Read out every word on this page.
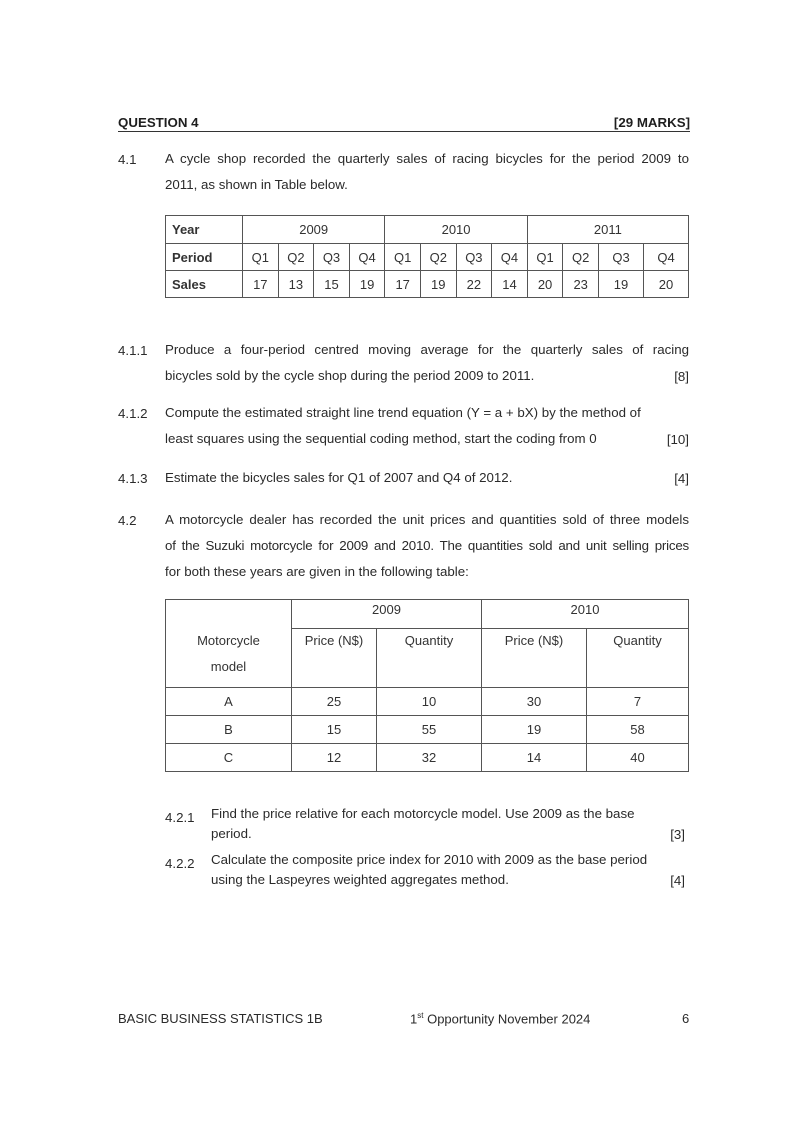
QUESTION 4	[29 MARKS]
4.1 A cycle shop recorded the quarterly sales of racing bicycles for the period 2009 to
2011, as shown in Table below.
Year	2009				2010				2011			
Period	Q1	Q2	Q3	Q4	Q1	Q2	Q3	Q4	Q1	Q2	Q3	Q4
Sales	17	13	15	19	17	19	22	14	20	23	19	20
4.1.1 Produce a four-period centred moving average for the quarterly sales of racing
bicycles sold by the cycle shop during the period 2009 to 2011.	[8]
4.1.2 Compute the estimated straight line trend equation (Y = a + bX) by the method of
least squares using the sequential coding method, start the coding from 0	[10]
4.1.3 Estimate the bicycles sales for Q1 of 2007 and Q4 of 2012.	[4]
4.2 A motorcycle dealer has recorded the unit prices and quantities sold of three models
of the Suzuki motorcycle for 2009 and 2010. The quantities sold and unit selling prices
for both these years are given in the following table:
Motorcycle
model	2009		2010	
	Price (N$)	Quantity	Price (N$)	Quantity
A	25	10	30	7
B	15	55	19	58
C	12	32	14	40
4.2.1 Find the price relative for each motorcycle model. Use 2009 as the base
period.	[3]
4.2.2 Calculate the composite price index for 2010 with 2009 as the base period
using the Laspeyres weighted aggregates method.	[4]
BASIC BUSINESS STATISTICS 1B	1st Opportunity November 2024	6
